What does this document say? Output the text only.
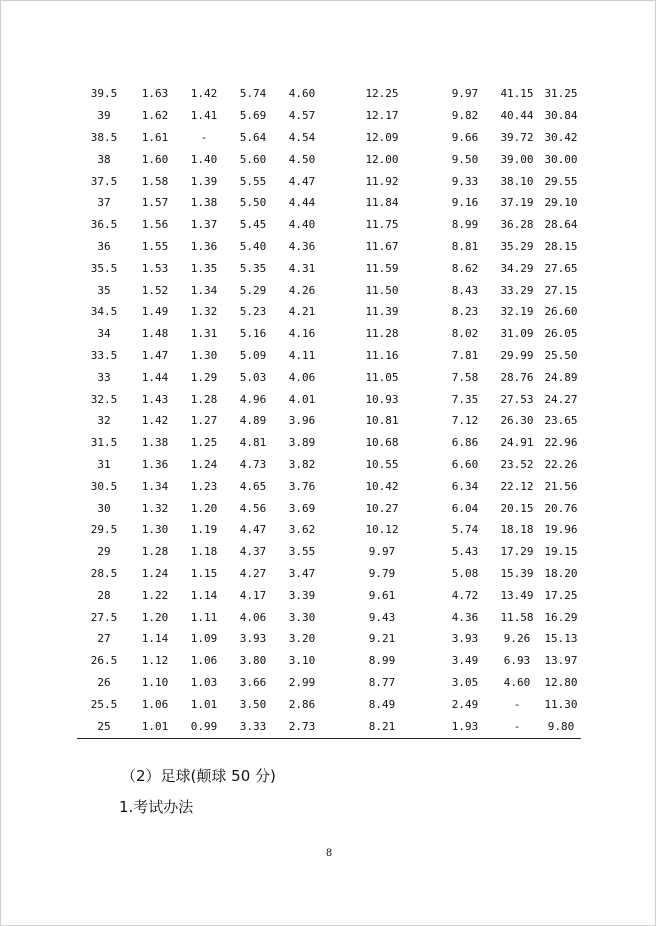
39.5	1.63	1.42	5.74	4.60	12.25	9.97	41.15	31.25
39	1.62	1.41	5.69	4.57	12.17	9.82	40.44	30.84
38.5	1.61	-	5.64	4.54	12.09	9.66	39.72	30.42
38	1.60	1.40	5.60	4.50	12.00	9.50	39.00	30.00
37.5	1.58	1.39	5.55	4.47	11.92	9.33	38.10	29.55
37	1.57	1.38	5.50	4.44	11.84	9.16	37.19	29.10
36.5	1.56	1.37	5.45	4.40	11.75	8.99	36.28	28.64
36	1.55	1.36	5.40	4.36	11.67	8.81	35.29	28.15
35.5	1.53	1.35	5.35	4.31	11.59	8.62	34.29	27.65
35	1.52	1.34	5.29	4.26	11.50	8.43	33.29	27.15
34.5	1.49	1.32	5.23	4.21	11.39	8.23	32.19	26.60
34	1.48	1.31	5.16	4.16	11.28	8.02	31.09	26.05
33.5	1.47	1.30	5.09	4.11	11.16	7.81	29.99	25.50
33	1.44	1.29	5.03	4.06	11.05	7.58	28.76	24.89
32.5	1.43	1.28	4.96	4.01	10.93	7.35	27.53	24.27
32	1.42	1.27	4.89	3.96	10.81	7.12	26.30	23.65
31.5	1.38	1.25	4.81	3.89	10.68	6.86	24.91	22.96
31	1.36	1.24	4.73	3.82	10.55	6.60	23.52	22.26
30.5	1.34	1.23	4.65	3.76	10.42	6.34	22.12	21.56
30	1.32	1.20	4.56	3.69	10.27	6.04	20.15	20.76
29.5	1.30	1.19	4.47	3.62	10.12	5.74	18.18	19.96
29	1.28	1.18	4.37	3.55	9.97	5.43	17.29	19.15
28.5	1.24	1.15	4.27	3.47	9.79	5.08	15.39	18.20
28	1.22	1.14	4.17	3.39	9.61	4.72	13.49	17.25
27.5	1.20	1.11	4.06	3.30	9.43	4.36	11.58	16.29
27	1.14	1.09	3.93	3.20	9.21	3.93	9.26	15.13
26.5	1.12	1.06	3.80	3.10	8.99	3.49	6.93	13.97
26	1.10	1.03	3.66	2.99	8.77	3.05	4.60	12.80
25.5	1.06	1.01	3.50	2.86	8.49	2.49	-	11.30
25	1.01	0.99	3.33	2.73	8.21	1.93	-	9.80
（2）足球(颠球 50 分)
1.考试办法
8
